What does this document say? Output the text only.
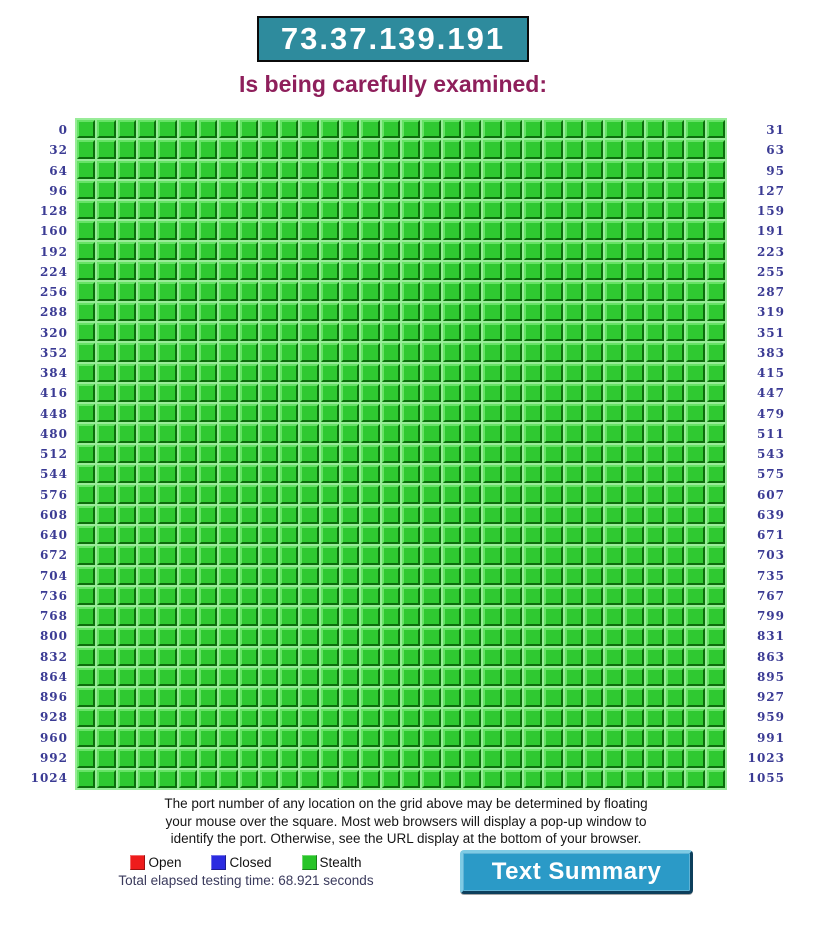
73.37.139.191
Is being carefully examined:
0
32
64
96
128
160
192
224
256
288
320
352
384
416
448
480
512
544
576
608
640
672
704
736
768
800
832
864
896
928
960
992
1024
31
63
95
127
159
191
223
255
287
319
351
383
415
447
479
511
543
575
607
639
671
703
735
767
799
831
863
895
927
959
991
1023
1055
The port number of any location on the grid above may be determined by floating
your mouse over the square. Most web browsers will display a pop-up window to
identify the port. Otherwise, see the URL display at the bottom of your browser.
Open	Closed	Stealth
Total elapsed testing time: 68.921 seconds	Text Summary
